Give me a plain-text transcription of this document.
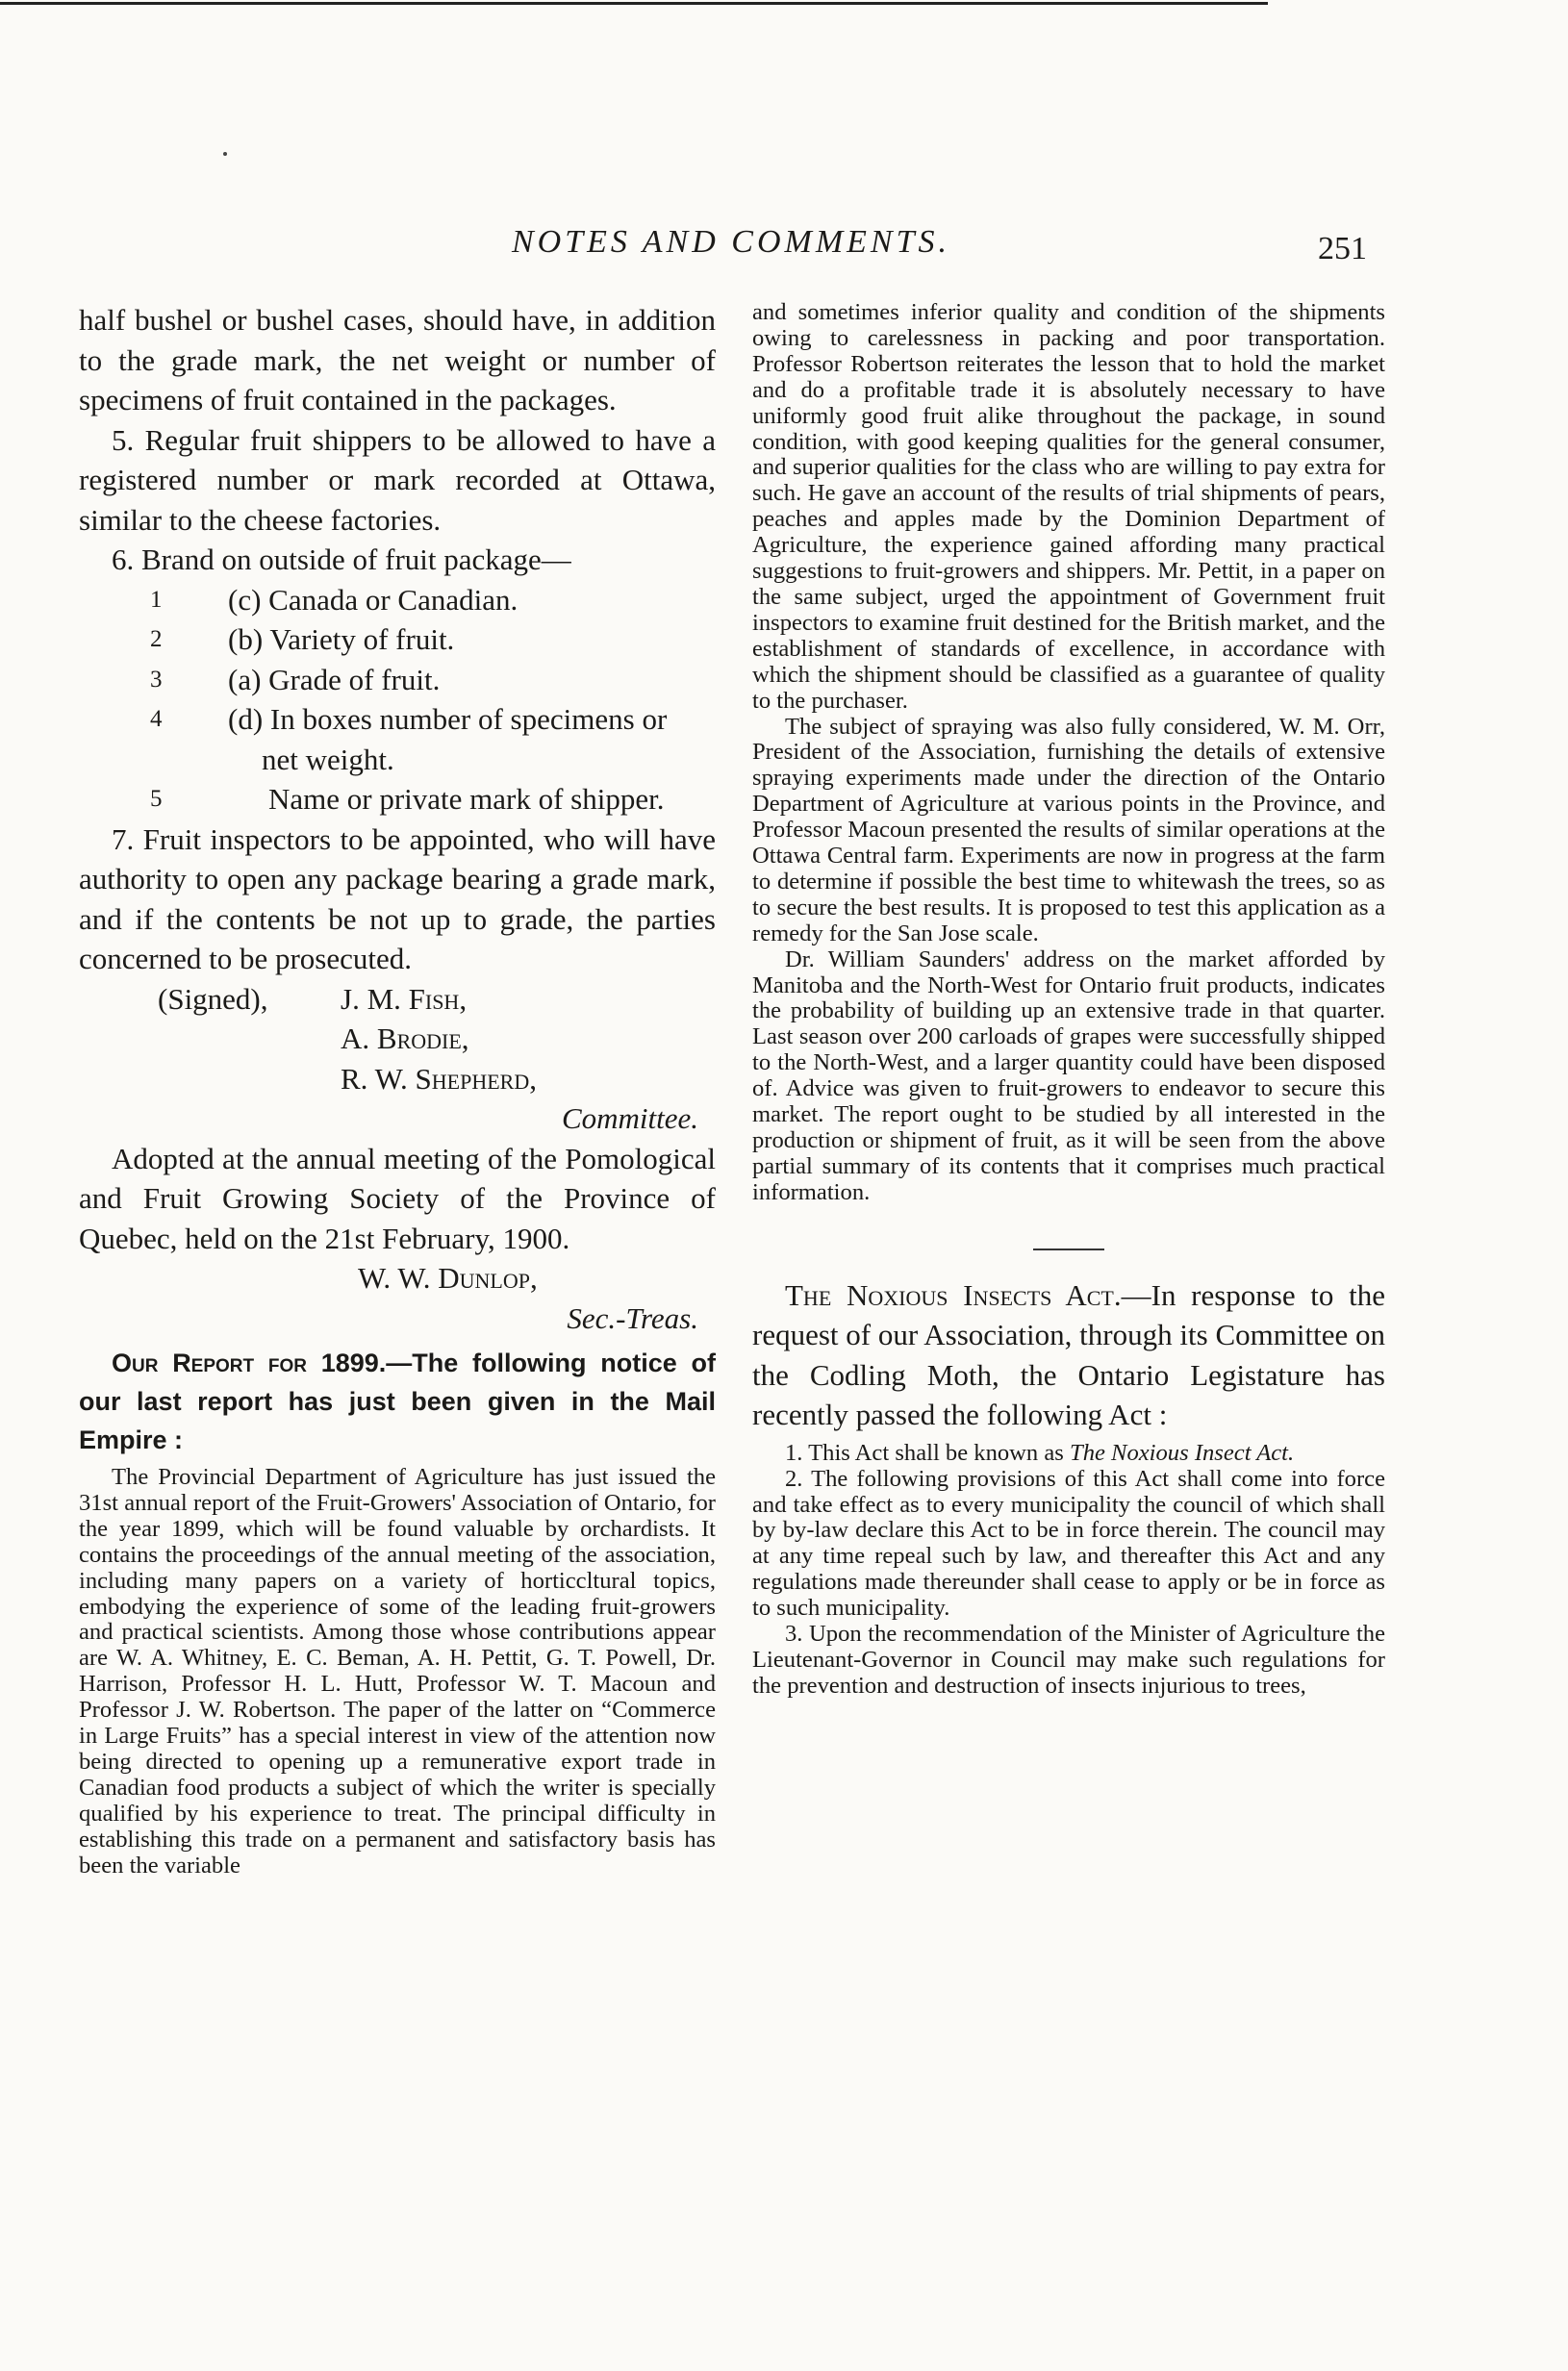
NOTES AND COMMENTS.	251

half bushel or bushel cases, should have, in addition to the grade mark, the net weight or number of specimens of fruit contained in the packages.

5. Regular fruit shippers to be allowed to have a registered number or mark recorded at Ottawa, similar to the cheese factories.

6. Brand on outside of fruit package—

1 (c) Canada or Canadian.
2 (b) Variety of fruit.
3 (a) Grade of fruit.
4 (d) In boxes number of specimens or
net weight.
5	Name or private mark of shipper.

7. Fruit inspectors to be appointed, who will have authority to open any package bearing a grade mark, and if the contents be not up to grade, the parties concerned to be prosecuted.

(Signed), J. M. Fish,
A. Brodie,
R. W. Shepherd,
Committee.

Adopted at the annual meeting of the Pomological and Fruit Growing Society of the Province of Quebec, held on the 21st February, 1900.

W. W. Dunlop,
Sec.-Treas.

Our Report for 1899.—The following notice of our last report has just been given in the Mail Empire :

The Provincial Department of Agriculture has just issued the 31st annual report of the Fruit-Growers' Association of Ontario, for the year 1899, which will be found valuable by orchardists. It contains the proceedings of the annual meeting of the association, including many papers on a variety of horticcltural topics, embodying the experience of some of the leading fruit-growers and practical scientists. Among those whose contributions appear are W. A. Whitney, E. C. Beman, A. H. Pettit, G. T. Powell, Dr. Harrison, Professor H. L. Hutt, Professor W. T. Macoun and Professor J. W. Robertson. The paper of the latter on “Commerce in Large Fruits” has a special interest in view of the attention now being directed to opening up a remunerative export trade in Canadian food products a subject of which the writer is specially qualified by his experience to treat. The principal difficulty in establishing this trade on a permanent and satisfactory basis has been the variable

and sometimes inferior quality and condition of the shipments owing to carelessness in packing and poor transportation. Professor Robertson reiterates the lesson that to hold the market and do a profitable trade it is absolutely necessary to have uniformly good fruit alike throughout the package, in sound condition, with good keeping qualities for the general consumer, and superior qualities for the class who are willing to pay extra for such. He gave an account of the results of trial shipments of pears, peaches and apples made by the Dominion Department of Agriculture, the experience gained affording many practical suggestions to fruit-growers and shippers. Mr. Pettit, in a paper on the same subject, urged the appointment of Government fruit inspectors to examine fruit destined for the British market, and the establishment of standards of excellence, in accordance with which the shipment should be classified as a guarantee of quality to the purchaser.

The subject of spraying was also fully considered, W. M. Orr, President of the Association, furnishing the details of extensive spraying experiments made under the direction of the Ontario Department of Agriculture at various points in the Province, and Professor Macoun presented the results of similar operations at the Ottawa Central farm. Experiments are now in progress at the farm to determine if possible the best time to whitewash the trees, so as to secure the best results. It is proposed to test this application as a remedy for the San Jose scale.

Dr. William Saunders' address on the market afforded by Manitoba and the North-West for Ontario fruit products, indicates the probability of building up an extensive trade in that quarter. Last season over 200 carloads of grapes were successfully shipped to the North-West, and a larger quantity could have been disposed of. Advice was given to fruit-growers to endeavor to secure this market. The report ought to be studied by all interested in the production or shipment of fruit, as it will be seen from the above partial summary of its contents that it comprises much practical information.

The Noxious Insects Act.—In response to the request of our Association, through its Committee on the Codling Moth, the Ontario Legistature has recently passed the following Act :

1. This Act shall be known as The Noxious Insect Act.

2. The following provisions of this Act shall come into force and take effect as to every municipality the council of which shall by by-law declare this Act to be in force therein. The council may at any time repeal such by law, and thereafter this Act and any regulations made thereunder shall cease to apply or be in force as to such municipality.

3. Upon the recommendation of the Minister of Agriculture the Lieutenant-Governor in Council may make such regulations for the prevention and destruction of insects injurious to trees,
